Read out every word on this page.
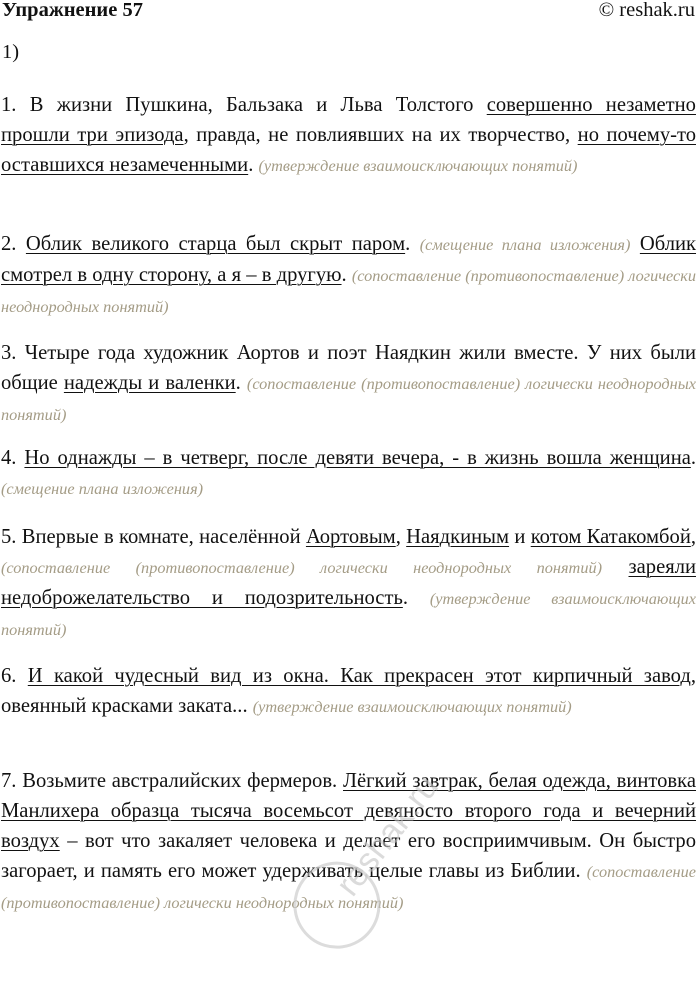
Упражнение 57	© reshak.ru
1)
1. В жизни Пушкина, Бальзака и Льва Толстого совершенно незаметно прошли три эпизода, правда, не повлиявших на их творчество, но почему-то оставшихся незамеченными. (утверждение взаимоисключающих понятий)
2. Облик великого старца был скрыт паром. (смещение плана изложения) Облик смотрел в одну сторону, а я – в другую. (сопоставление (противопоставление) логически неоднородных понятий)
3. Четыре года художник Аортов и поэт Наядкин жили вместе. У них были общие надежды и валенки. (сопоставление (противопоставление) логически неоднородных понятий)
4. Но однажды – в четверг, после девяти вечера, - в жизнь вошла женщина. (смещение плана изложения)
5. Впервые в комнате, населённой Аортовым, Наядкиным и котом Катакомбой, (сопоставление (противопоставление) логически неоднородных понятий) зареяли недоброжелательство и подозрительность. (утверждение взаимоисключающих понятий)
6. И какой чудесный вид из окна. Как прекрасен этот кирпичный завод, овеянный красками заката... (утверждение взаимоисключающих понятий)
7. Возьмите австралийских фермеров. Лёгкий завтрак, белая одежда, винтовка Манлихера образца тысяча восемьсот девяносто второго года и вечерний воздух – вот что закаляет человека и делает его восприимчивым. Он быстро загорает, и память его может удерживать целые главы из Библии. (сопоставление (противопоставление) логически неоднородных понятий)
reshak.ru
